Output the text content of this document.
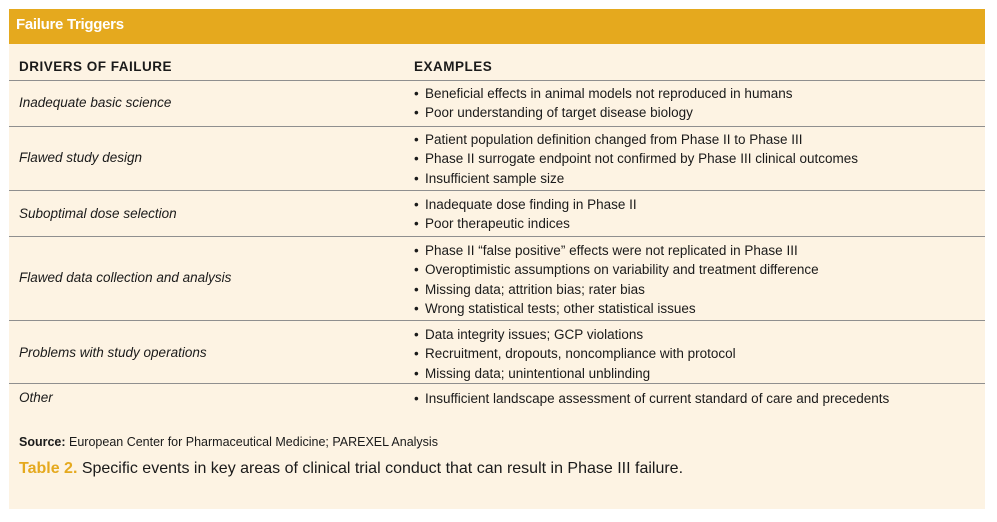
Failure Triggers
DRIVERS OF FAILURE	EXAMPLES
Inadequate basic science
• Beneficial effects in animal models not reproduced in humans
• Poor understanding of target disease biology
Flawed study design
• Patient population definition changed from Phase II to Phase III
• Phase II surrogate endpoint not confirmed by Phase III clinical outcomes
• Insufficient sample size
Suboptimal dose selection
• Inadequate dose finding in Phase II
• Poor therapeutic indices
Flawed data collection and analysis
• Phase II “false positive” effects were not replicated in Phase III
• Overoptimistic assumptions on variability and treatment difference
• Missing data; attrition bias; rater bias
• Wrong statistical tests; other statistical issues
Problems with study operations
• Data integrity issues; GCP violations
• Recruitment, dropouts, noncompliance with protocol
• Missing data; unintentional unblinding
Other
•	Insufficient landscape assessment of current standard of care and precedents
Source: European Center for Pharmaceutical Medicine; PAREXEL Analysis
Table 2. Specific events in key areas of clinical trial conduct that can result in Phase III failure.
